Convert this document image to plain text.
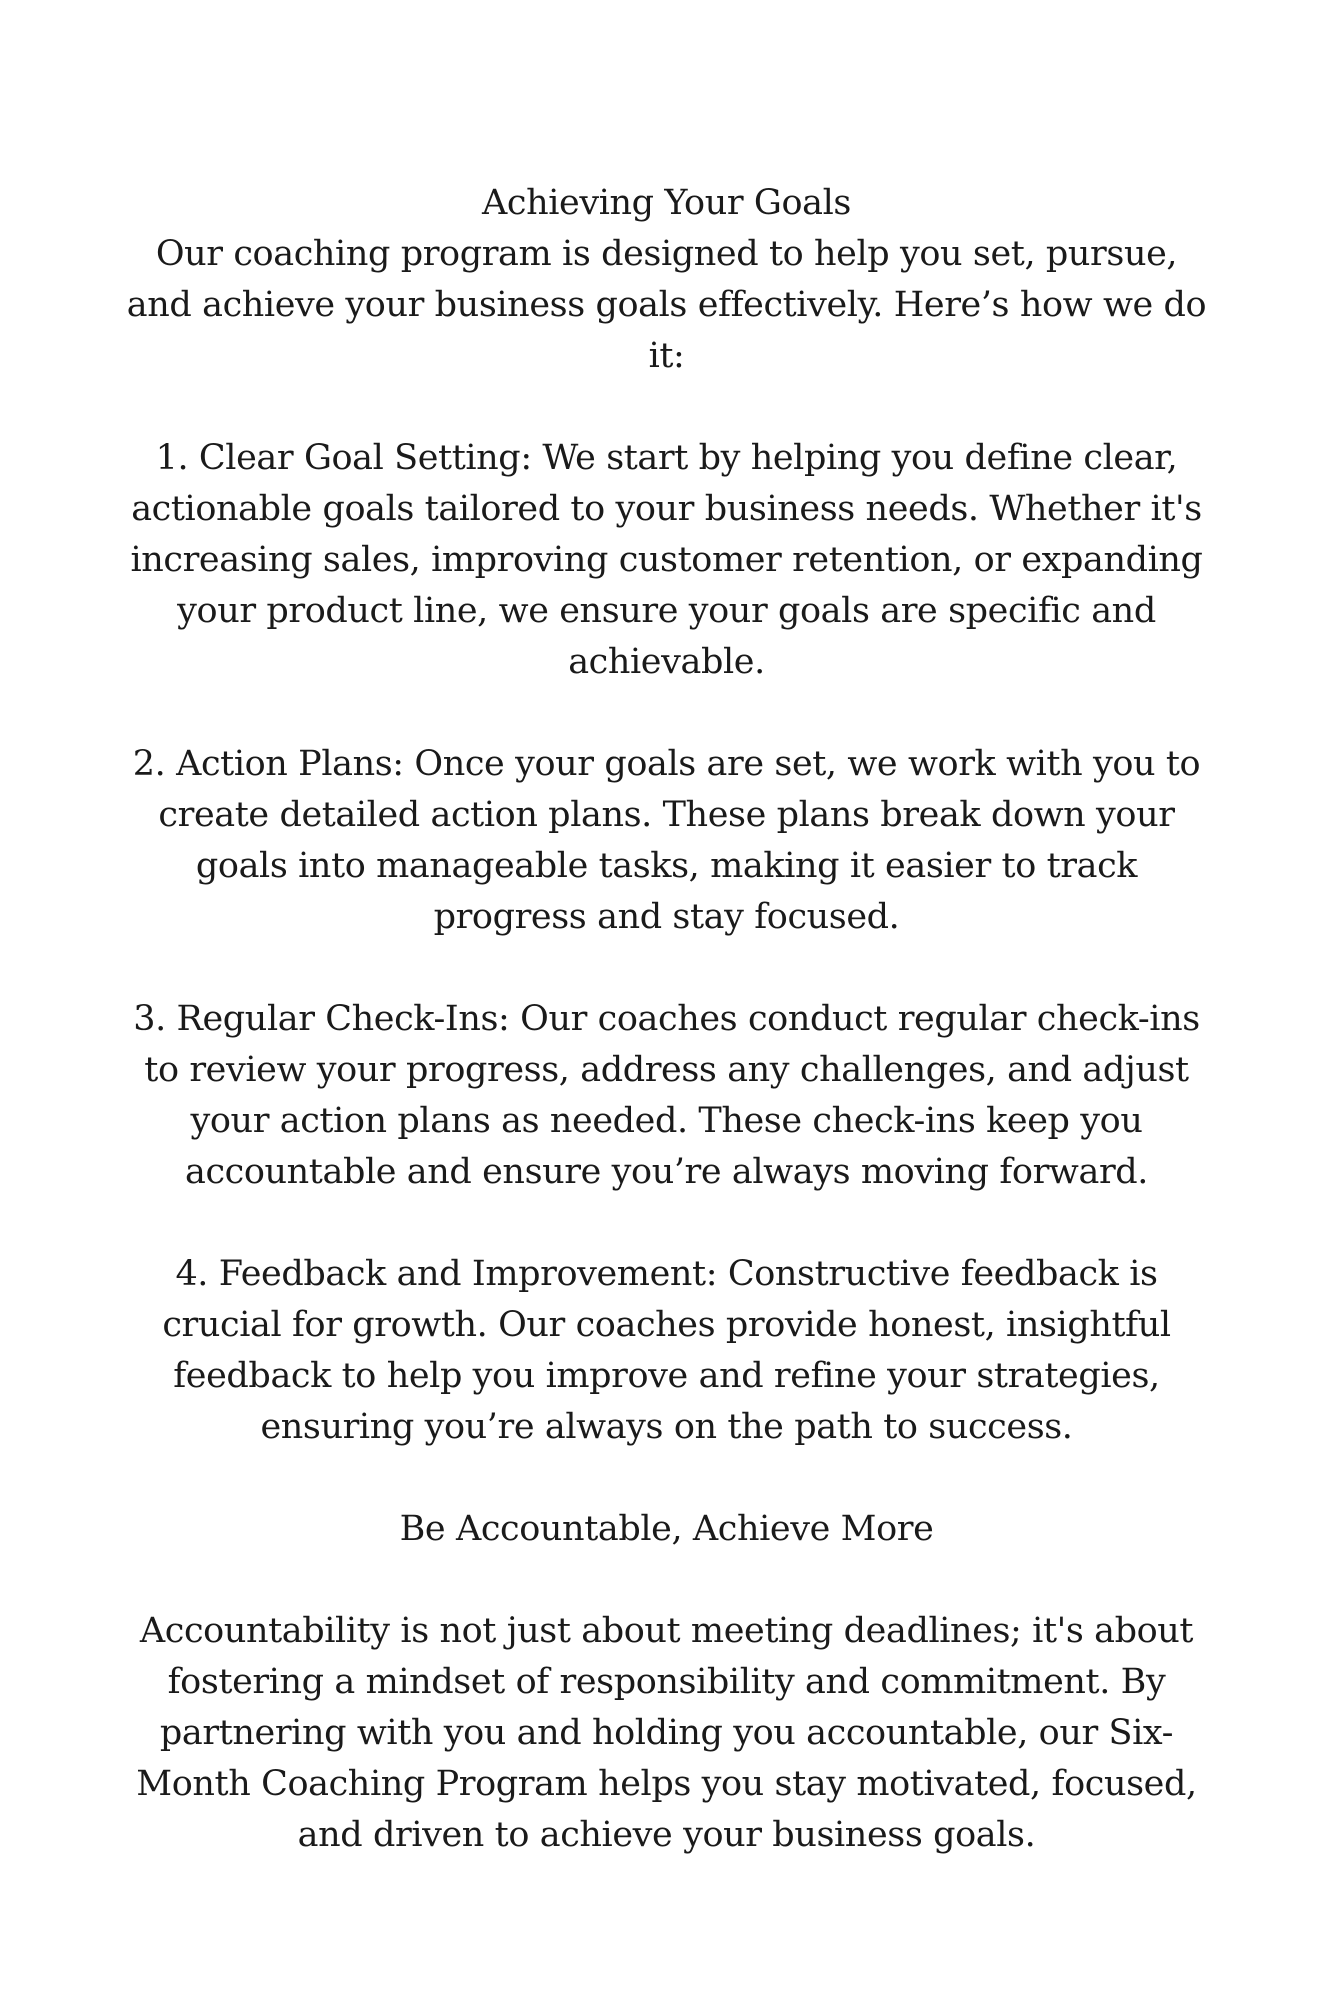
Achieving Your Goals

Our coaching program is designed to help you set, pursue, and achieve your business goals effectively. Here’s how we do it:

1. Clear Goal Setting: We start by helping you define clear, actionable goals tailored to your business needs. Whether it's increasing sales, improving customer retention, or expanding your product line, we ensure your goals are specific and achievable.

2. Action Plans: Once your goals are set, we work with you to create detailed action plans. These plans break down your goals into manageable tasks, making it easier to track progress and stay focused.

3. Regular Check-Ins: Our coaches conduct regular check-ins to review your progress, address any challenges, and adjust your action plans as needed. These check-ins keep you accountable and ensure you’re always moving forward.

4. Feedback and Improvement: Constructive feedback is crucial for growth. Our coaches provide honest, insightful feedback to help you improve and refine your strategies, ensuring you’re always on the path to success.

Be Accountable, Achieve More

Accountability is not just about meeting deadlines; it's about fostering a mindset of responsibility and commitment. By partnering with you and holding you accountable, our Six-Month Coaching Program helps you stay motivated, focused, and driven to achieve your business goals.
